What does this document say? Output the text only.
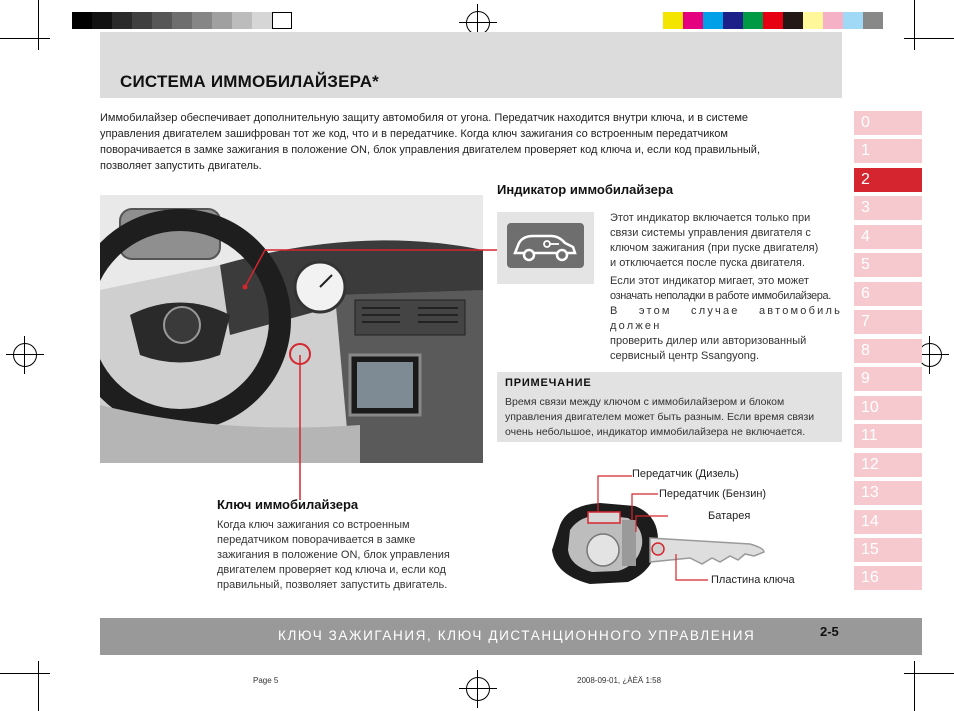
СИСТЕМА ИММОБИЛАЙЗЕРА*
Иммобилайзер обеспечивает дополнительную защиту автомобиля от угона. Передатчик находится внутри ключа, и в системе
управления двигателем зашифрован тот же код, что и в передатчике. Когда ключ зажигания со встроенным передатчиком
поворачивается в замке зажигания в положение ON, блок управления двигателем проверяет код ключа и, если код правильный,
позволяет запустить двигатель.
0
1
2
3
4
5
6
7
8
9
10
11
12
13
14
15
16
Индикатор иммобилайзера
Этот индикатор включается только при
связи системы управления двигателя с
ключом зажигания (при пуске двигателя)
и отключается после пуска двигателя.
Если этот индикатор мигает, это может
означать неполадки в работе иммобилайзера.
В этом случае автомобиль должен
проверить дилер или авторизованный
сервисный центр Ssangyong.
ПРИМЕЧАНИЕ
Время связи между ключом с иммобилайзером и блоком
управления двигателем может быть разным. Если время связи
очень небольшое, индикатор иммобилайзера не включается.
Ключ иммобилайзера
Когда ключ зажигания со встроенным
передатчиком поворачивается в замке
зажигания в положение ON, блок управления
двигателем проверяет код ключа и, если код
правильный, позволяет запустить двигатель.
Передатчик (Дизель)
Передатчик (Бензин)
Батарея
Пластина ключа
КЛЮЧ ЗАЖИГАНИЯ, КЛЮЧ ДИСТАНЦИОННОГО УПРАВЛЕНИЯ	2-5
Page 5	2008-09-01, ¿ÀÈÄ 1:58
